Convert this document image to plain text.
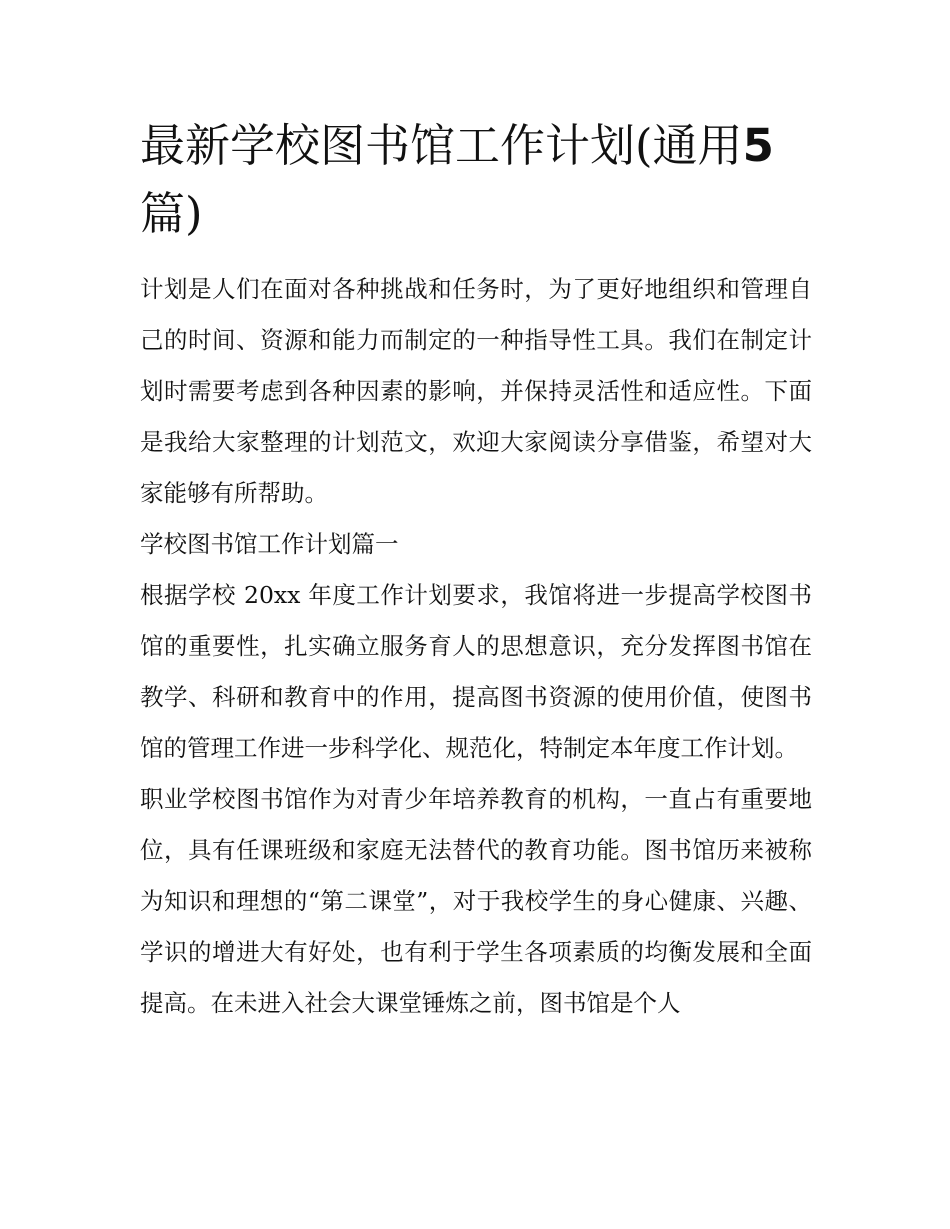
最新学校图书馆工作计划(通用5 篇)

计划是人们在面对各种挑战和任务时，为了更好地组织和管理自己的时间、资源和能力而制定的一种指导性工具。我们在制定计划时需要考虑到各种因素的影响，并保持灵活性和适应性。下面是我给大家整理的计划范文，欢迎大家阅读分享借鉴，希望对大家能够有所帮助。

学校图书馆工作计划篇一

根据学校 20xx 年度工作计划要求，我馆将进一步提高学校图书馆的重要性，扎实确立服务育人的思想意识，充分发挥图书馆在教学、科研和教育中的作用，提高图书资源的使用价值，使图书馆的管理工作进一步科学化、规范化，特制定本年度工作计划。

职业学校图书馆作为对青少年培养教育的机构，一直占有重要地位，具有任课班级和家庭无法替代的教育功能。图书馆历来被称为知识和理想的“第二课堂”，对于我校学生的身心健康、兴趣、学识的增进大有好处，也有利于学生各项素质的均衡发展和全面提高。在未进入社会大课堂锤炼之前，图书馆是个人
